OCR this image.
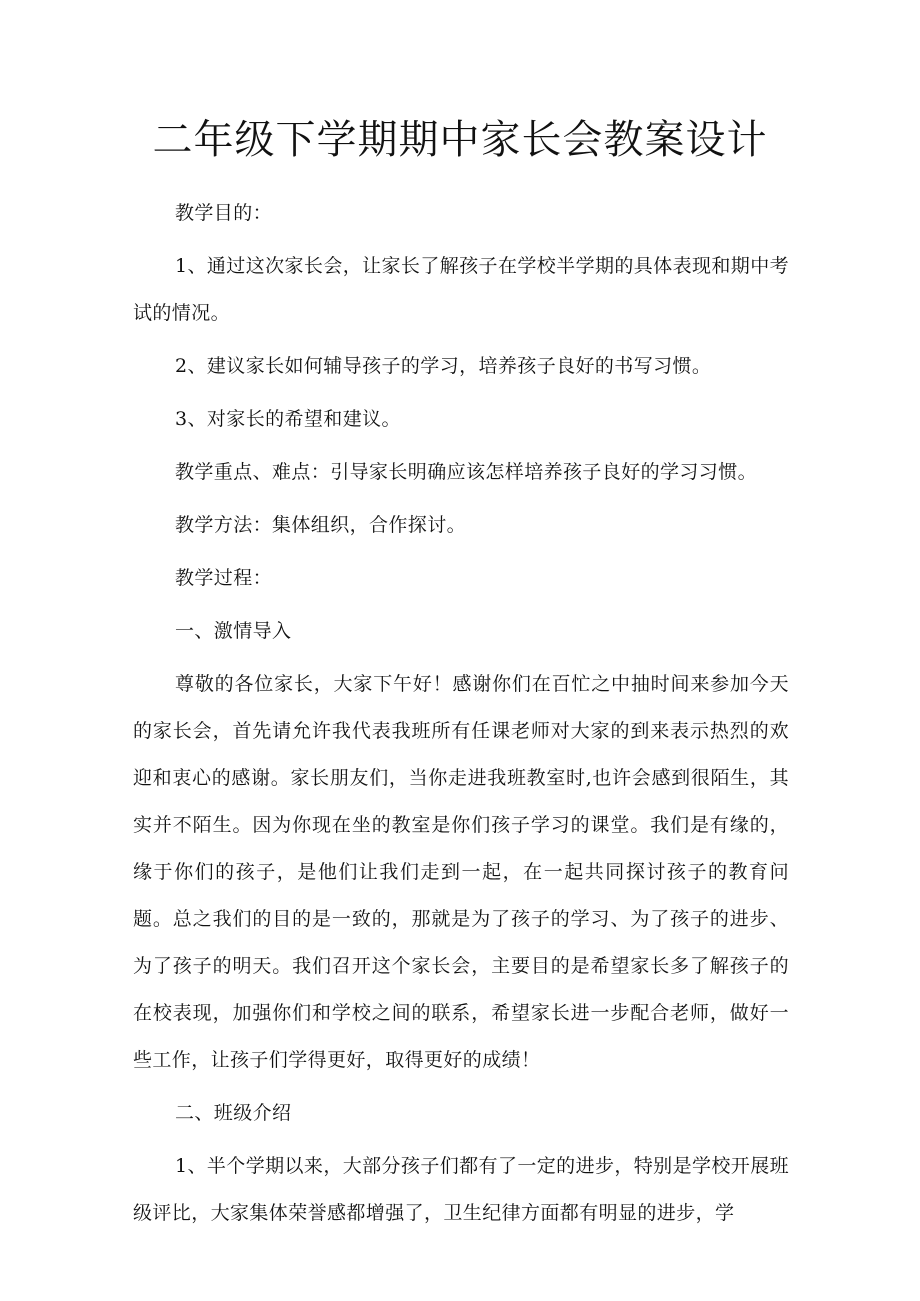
二年级下学期期中家长会教案设计

教学目的：

1、通过这次家长会，让家长了解孩子在学校半学期的具体表现和期中考试的情况。

2、建议家长如何辅导孩子的学习，培养孩子良好的书写习惯。

3、对家长的希望和建议。

教学重点、难点：引导家长明确应该怎样培养孩子良好的学习习惯。

教学方法：集体组织，合作探讨。

教学过程：

一、激情导入

尊敬的各位家长，大家下午好！感谢你们在百忙之中抽时间来参加今天的家长会，首先请允许我代表我班所有任课老师对大家的到来表示热烈的欢迎和衷心的感谢。家长朋友们，当你走进我班教室时,也许会感到很陌生，其实并不陌生。因为你现在坐的教室是你们孩子学习的课堂。我们是有缘的，缘于你们的孩子，是他们让我们走到一起，在一起共同探讨孩子的教育问题。总之我们的目的是一致的，那就是为了孩子的学习、为了孩子的进步、为了孩子的明天。我们召开这个家长会，主要目的是希望家长多了解孩子的在校表现，加强你们和学校之间的联系，希望家长进一步配合老师，做好一些工作，让孩子们学得更好，取得更好的成绩！

二、班级介绍

1、半个学期以来，大部分孩子们都有了一定的进步，特别是学校开展班级评比，大家集体荣誉感都增强了，卫生纪律方面都有明显的进步，学
